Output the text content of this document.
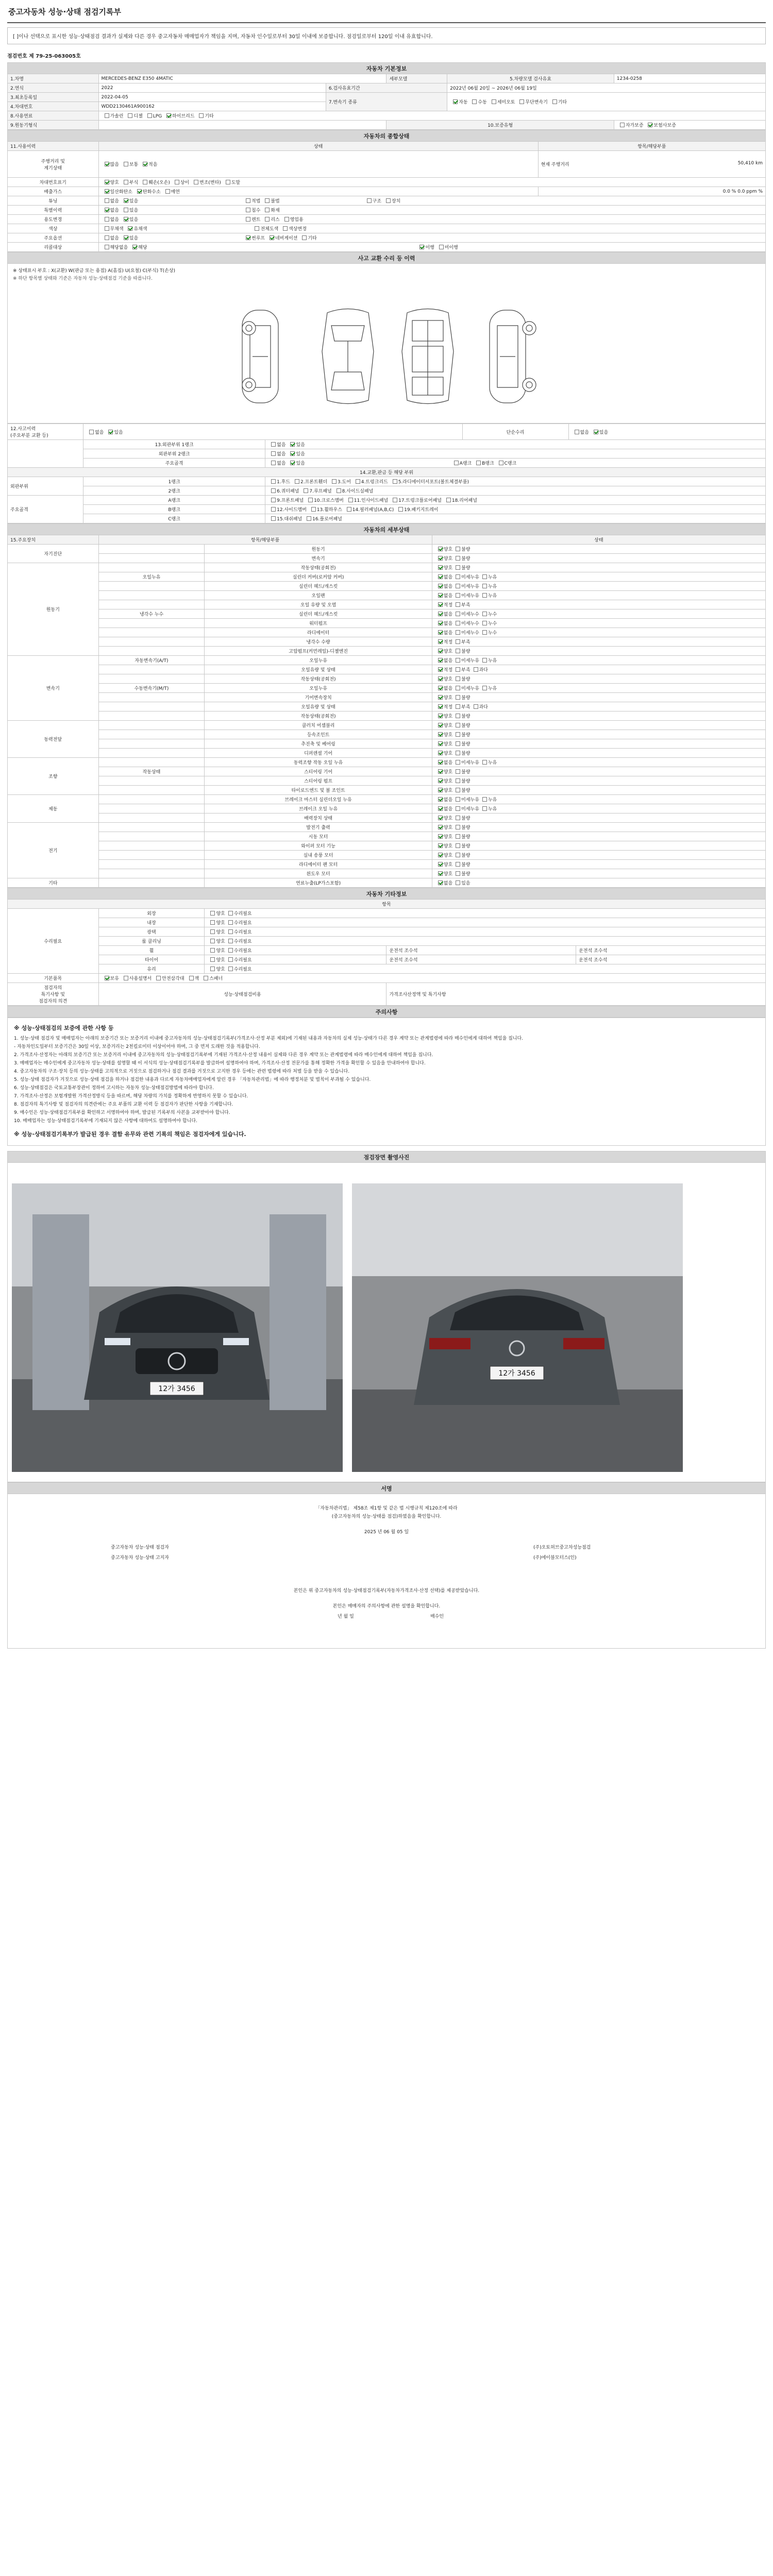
중고자동차 성능·상태 점검기록부
[ ]이나 선택으로 표시한 성능·상태점검 결과가 실제와 다른 경우 중고자동차 매매업자가 책임을 지며, 자동차 인수일로부터 30일 이내에 보증합니다. 점검일로부터 120일 이내 유효합니다.
점검번호 제 79-25-063005호
자동차 기본정보					
1.차명	MERCEDES-BENZ E350 4MATIC		세부모델	5.차량모델 검사유효	1234-0258
2.연식	2022	6.검사유효기간		2022년 06월 20일 ~ 2026년 06월 19일	
3.최초등록일	2022-04-05	7.변속기 종류		자동 수동 세미오토 무단변속기 기타	
4.차대번호	WDD2130461A900162				
8.사용연료	가솔린 디젤 LPG 하이브리드 기타				
9.원동기형식			10.보증유형		자가보증 보험사보증
자동차의 종합상태		
11.사용이력	상태	항목/해당부품
주행거리 및
계기상태	많음 보통 적음	현재 주행거리 50,410 km

차대번호표기	양호 부식 훼손(오손) 상이 변조(변타) 도말	
배출가스	일산화탄소 탄화수소 매연	0.0 % 0.0 ppm %
튜닝	없음 있음 적법 불법 구조 장치	
특별이력	없음 있음 침수 화재	
용도변경	없음 있음 렌트 리스 영업용	
색상	무채색 유채색 전체도색 색상변경	
주요옵션	없음 있음 썬루프 네비게이션 기타	
리콜대상	해당없음 해당 이행 미이행	
사고 교환 수리 등 이력
※ 상태표시 부호 : X(교환) W(판금 또는 용접) A(흠집) U(요철) C(부식) T(손상)
※ 하단 항목별 상태와 기준은 자동차 성능·상태점검 기준을 따릅니다.
12.사고이력
(주요부분 교환 등)	없음 있음		단순수리	없음 있음
	13.외판부위 1랭크	없음 있음		
	외판부위 2랭크	없음 있음		
	주요골격	없음 있음 A랭크 B랭크 C랭크		
14.교환,판금 등 해당 부위				
외판부위	1랭크	1.후드 2.프론트휀더 3.도어 4.트렁크리드 5.라디에이터서포트(볼트체결부품)		
	2랭크	6.쿼터패널 7.루프패널 8.사이드실패널		
주요골격	A랭크	9.프론트패널 10.크로스멤버 11.인사이드패널 17.트렁크플로어패널 18.리어패널		
	B랭크	12.사이드멤버 13.휠하우스 14.필러패널(A,B,C) 19.패키지트레이		
	C랭크	15.대쉬패널 16.플로어패널		
자동차의 세부상태			
15.주요장치	항목/해당부품		상태
자기진단		원동기	양호 불량
		변속기	양호 불량
원동기		작동상태(공회전)	양호 불량
	오일누유	실린더 커버(로커암 커버)	없음 미세누유 누유
		실린더 헤드/개스킷	없음 미세누유 누유
		오일팬	없음 미세누유 누유
		오일 유량 및 오염	적정 부족
	냉각수 누수	실린더 헤드/개스킷	없음 미세누수 누수
		워터펌프	없음 미세누수 누수
		라디에이터	없음 미세누수 누수
		냉각수 수량	적정 부족
		고압펌프(커먼레일)-디젤엔진	양호 불량
변속기	자동변속기(A/T)	오일누유	없음 미세누유 누유
		오일유량 및 상태	적정 부족 과다
		작동상태(공회전)	양호 불량
	수동변속기(M/T)	오일누유	없음 미세누유 누유
		기어변속장치	양호 불량
		오일유량 및 상태	적정 부족 과다
		작동상태(공회전)	양호 불량
동력전달		클러치 어셈블리	양호 불량
		등속조인트	양호 불량
		추진축 및 베어링	양호 불량
		디퍼렌셜 기어	양호 불량
조향		동력조향 작동 오일 누유	없음 미세누유 누유
	작동상태	스티어링 기어	양호 불량
		스티어링 펌프	양호 불량
		타이로드엔드 및 볼 조인트	양호 불량
제동		브레이크 마스터 실린더오일 누유	없음 미세누유 누유
		브레이크 오일 누유	없음 미세누유 누유
		배력장치 상태	양호 불량
전기		발전기 출력	양호 불량
		시동 모터	양호 불량
		와이퍼 모터 기능	양호 불량
		실내 송풍 모터	양호 불량
		라디에이터 팬 모터	양호 불량
		윈도우 모터	양호 불량
기타		연료누출(LP가스포함)	없음 있음
자동차 기타정보				
항목				
수리필요	외장	양호 수리필요		
	내장	양호 수리필요		
	광택	양호 수리필요		
	룸 클리닝	양호 수리필요		
	휠	양호 수리필요	운전석 조수석	운전석 조수석
	타이어	양호 수리필요	운전석 조수석	운전석 조수석
	유리	양호 수리필요		
기본품목	보유 사용설명서 안전삼각대 잭 스패너			
점검자의
특기사항 및
점검자의 의견	성능·상태점검비용		가격조사산정액 및 특기사항	
주의사항

※ 성능·상태점검의 보증에 관한 사항 등

1. 성능·상태 점검자 및 매매업자는 아래의 보증기간 또는 보증거리 이내에 중고자동차의 성능·상태점검기록부(가격조사·산정 부분 제외)에 기재된 내용과 자동차의 실제 성능·상태가 다른 경우 계약 또는 관계법령에 따라 매수인에게 대하여 책임을 집니다.

- 자동차인도일부터 보증기간은 30일 이상, 보증거리는 2천킬로미터 이상이어야 하며, 그 중 먼저 도래한 것을 적용합니다.

2. 가격조사·산정자는 아래의 보증기간 또는 보증거리 이내에 중고자동차의 성능·상태점검기록부에 기재된 가격조사·산정 내용이 실제와 다른 경우 계약 또는 관계법령에 따라 매수인에게 대하여 책임을 집니다.

3. 매매업자는 매수인에게 중고자동차 성능·상태를 설명할 때 이 서식의 성능·상태점검기록부를 발급하여 설명하여야 하며, 가격조사·산정 전문가를 통해 정확한 가격을 확인할 수 있음을 안내하여야 합니다.

4. 중고자동차의 구조·장치 등의 성능·상태를 고의적으로 거짓으로 점검하거나 점검 결과를 거짓으로 고지한 경우 등에는 관련 법령에 따라 처벌 등을 받을 수 있습니다.

5. 성능·상태 점검자가 거짓으로 성능·상태 점검을 하거나 점검한 내용과 다르게 자동차매매업자에게 알린 경우 「자동차관리법」에 따라 행정처분 및 벌칙이 부과될 수 있습니다.

6. 성능·상태점검은 국토교통부장관이 정하여 고시하는 자동차 성능·상태점검방법에 따라야 합니다.

7. 가격조사·산정은 보험개발원 가격산정방식 등을 따르며, 해당 차량의 가치를 정확하게 반영하지 못할 수 있습니다.

8. 점검자의 특기사항 및 점검자의 의견란에는 주요 부품의 교환 이력 등 점검자가 판단한 사항을 기재합니다.

9. 매수인은 성능·상태점검기록부를 확인하고 서명하여야 하며, 발급된 기록부의 사본을 교부받아야 합니다.

10. 매매업자는 성능·상태점검기록부에 기재되지 않은 사항에 대하여도 설명하여야 합니다.

※ 성능·상태점검기록부가 발급된 경우 결함 유무와 관련 기록의 책임은 점검자에게 있습니다.

점검장면 촬영사진
12가 3456
12가 3456
서명
「자동차관리법」 제58조 제1항 및 같은 법 시행규칙 제120조에 따라
(중고자동차의 성능·상태를 점검)하였음을 확인합니다.
2025 년 06 월 05 일
중고자동차 성능·상태 점검자	(주)오토허브중고차성능점검
중고자동차 성능·상태 고지자	(주)에이블모터스(인)
본인은 위 중고자동차의 성능·상태점검기록부(자동차가격조사·산정 선택)를 제공받았습니다.
본인은 매매자의 주의사항에 관한 설명을 확인합니다.
년 월 일	매수인
